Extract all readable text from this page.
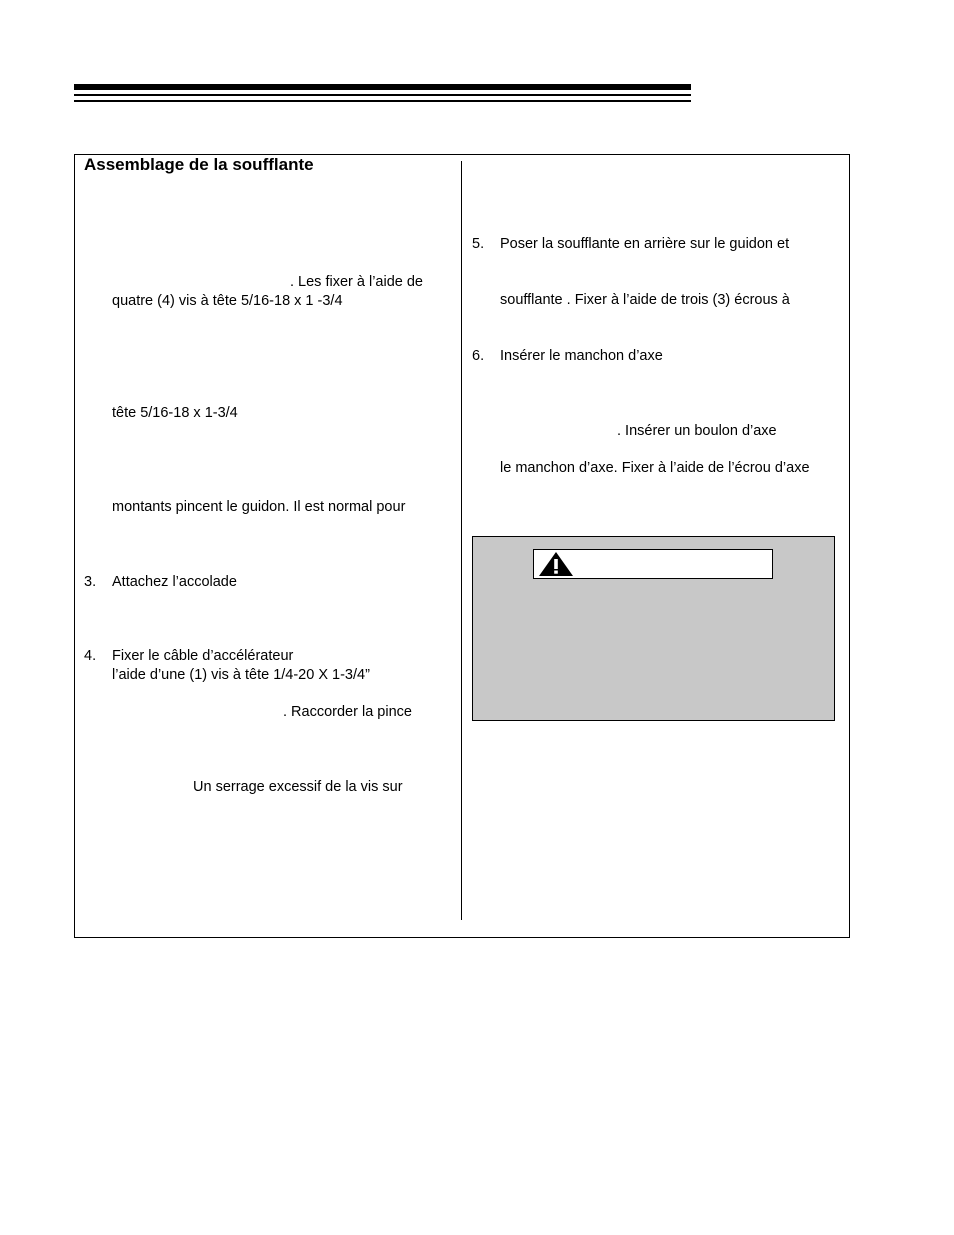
Assemblage de la soufflante
. Les fixer à l’aide de
quatre (4) vis à tête 5/16-18 x 1 -3/4
tête 5/16-18 x 1-3/4
montants pincent le guidon. Il est normal pour
3. Attachez l’accolade
4. Fixer le câble d’accélérateur
l’aide d’une (1) vis à tête 1/4-20 X 1-3/4”
. Raccorder la pince
Un serrage excessif de la vis sur
5. Poser la soufflante en arrière sur le guidon et
soufflante . Fixer à l’aide de trois (3) écrous à
6. Insérer le manchon d’axe
. Insérer un boulon d’axe
le manchon d’axe. Fixer à l’aide de l’écrou d’axe
